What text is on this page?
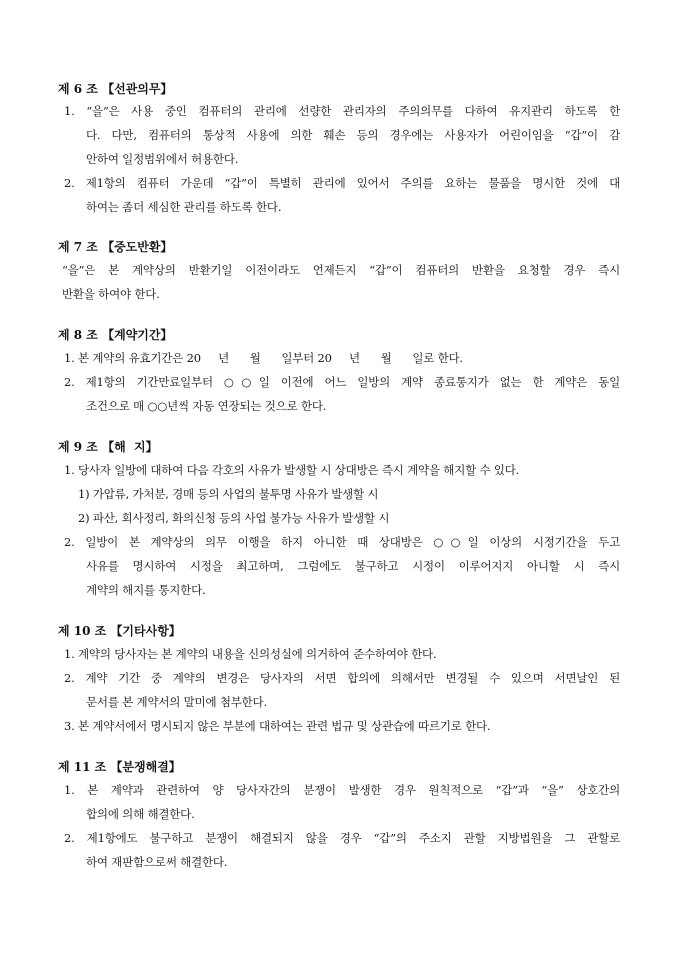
제 6 조 【선관의무】
1. “을”은 사용 중인 컴퓨터의 관리에 선량한 관리자의 주의의무를 다하여 유지관리 하도록 한
다. 다만, 컴퓨터의 통상적 사용에 의한 훼손 등의 경우에는 사용자가 어린이임을 “갑”이 감
안하여 일정범위에서 허용한다.
2. 제1항의 컴퓨터 가운데 “갑”이 특별히 관리에 있어서 주의를 요하는 물품을 명시한 것에 대
하여는 좀더 세심한 관리를 하도록 한다.
제 7 조 【중도반환】
“을”은 본 계약상의 반환기일 이전이라도 언제든지 “갑”이 컴퓨터의 반환을 요청할 경우 즉시
반환을 하여야 한다.
제 8 조 【계약기간】
1. 본 계약의 유효기간은 20     년      월      일부터 20     년      월      일로 한다.
2. 제1항의 기간만료일부터 ○○일 이전에 어느 일방의 계약 종료통지가 없는 한 계약은 동일
조건으로 매 ○○년씩 자동 연장되는 것으로 한다.
제 9 조 【해  지】
1. 당사자 일방에 대하여 다음 각호의 사유가 발생할 시 상대방은 즉시 계약을 해지할 수 있다.
1) 가압류, 가처분, 경매 등의 사업의 불투명 사유가 발생할 시
2) 파산, 회사정리, 화의신청 등의 사업 불가능 사유가 발생할 시
2. 일방이 본 계약상의 의무 이행을 하지 아니한 때 상대방은 ○○일 이상의 시정기간을 두고
사유를 명시하여 시정을 최고하며, 그럼에도 불구하고 시정이 이루어지지 아니할 시 즉시
계약의 해지를 통지한다.
제 10 조 【기타사항】
1. 계약의 당사자는 본 계약의 내용을 신의성실에 의거하여 준수하여야 한다.
2. 계약 기간 중 계약의 변경은 당사자의 서면 합의에 의해서만 변경될 수 있으며 서면날인 된
문서를 본 계약서의 말미에 첨부한다.
3. 본 계약서에서 명시되지 않은 부분에 대하여는 관련 법규 및 상관습에 따르기로 한다.
제 11 조 【분쟁해결】
1. 본 계약과 관련하여 양 당사자간의 분쟁이 발생한 경우 원칙적으로 “갑”과 “을” 상호간의
합의에 의해 해결한다.
2. 제1항에도 불구하고 분쟁이 해결되지 않을 경우 “갑”의 주소지 관할 지방법원을 그 관할로
하여 재판함으로써 해결한다.
